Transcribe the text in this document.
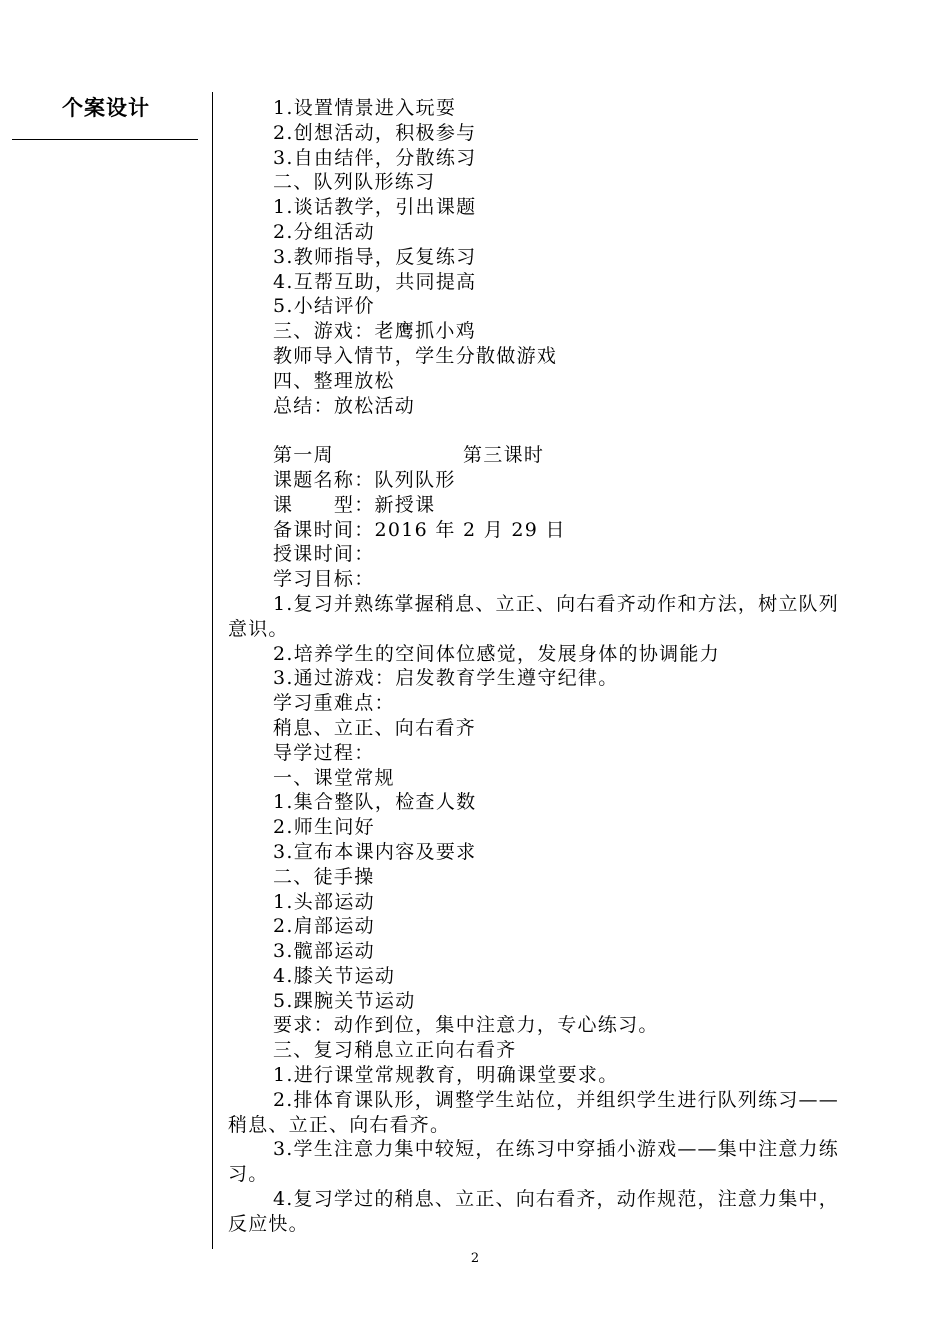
个案设计	1.设置情景进入玩耍
2.创想活动，积极参与
3.自由结伴，分散练习
二、队列队形练习
1.谈话教学，引出课题
2.分组活动
3.教师指导，反复练习
4.互帮互助，共同提高
5.小结评价
三、游戏：老鹰抓小鸡
教师导入情节，学生分散做游戏
四、整理放松
总结：放松活动
第一周	第三课时
课题名称：队列队形
课　　型：新授课
备课时间：2016 年 2 月 29 日
授课时间：
学习目标：
1.复习并熟练掌握稍息、立正、向右看齐动作和方法，树立队列意识。
2.培养学生的空间体位感觉，发展身体的协调能力
3.通过游戏：启发教育学生遵守纪律。
学习重难点：
稍息、立正、向右看齐
导学过程：
一、课堂常规
1.集合整队，检查人数
2.师生问好
3.宣布本课内容及要求
二、徒手操
1.头部运动
2.肩部运动
3.髋部运动
4.膝关节运动
5.踝腕关节运动
要求：动作到位，集中注意力，专心练习。
三、复习稍息立正向右看齐
1.进行课堂常规教育，明确课堂要求。
2.排体育课队形，调整学生站位，并组织学生进行队列练习——稍息、立正、向右看齐。
3.学生注意力集中较短，在练习中穿插小游戏——集中注意力练习。
4.复习学过的稍息、立正、向右看齐，动作规范，注意力集中，反应快。
2
